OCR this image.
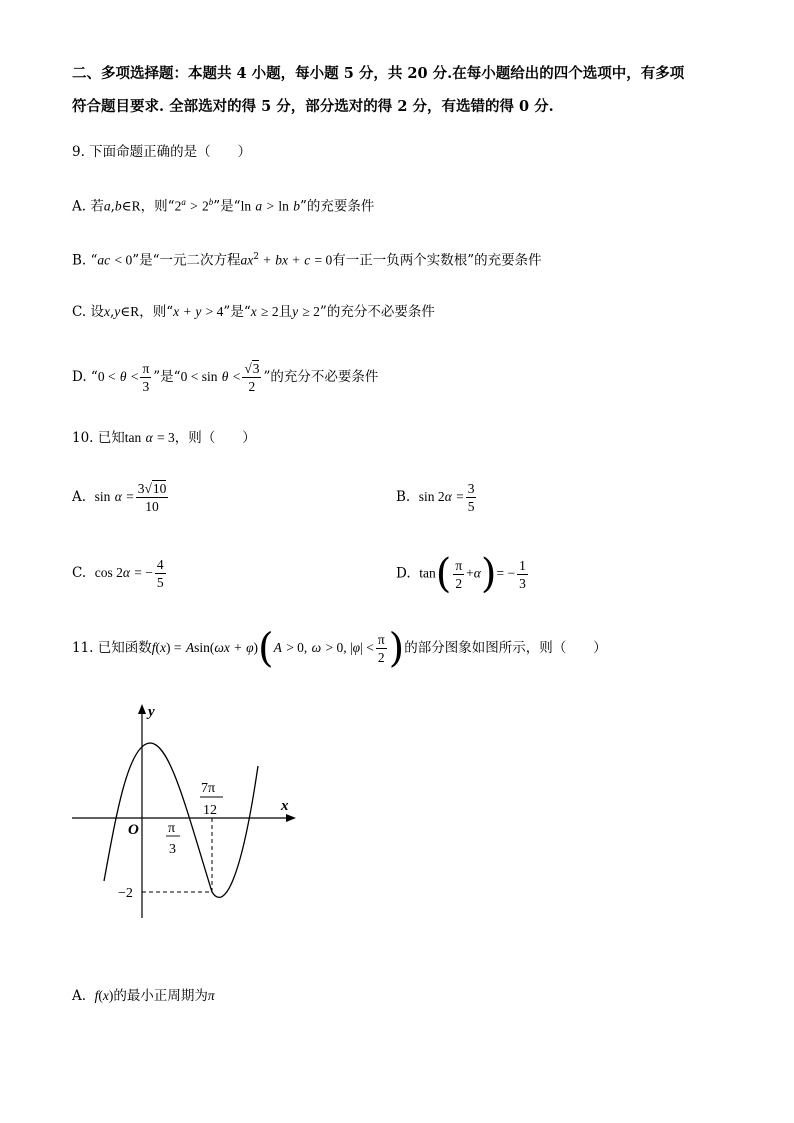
二、多项选择题：本题共 4 小题，每小题 5 分，共 20 分.在每小题给出的四个选项中，有多项
符合题目要求. 全部选对的得 5 分，部分选对的得 2 分，有选错的得 0 分.
9. 下面命题正确的是（　　）
A. 若a,b∈R，则“$2^a > 2^b$”是“ln a > ln b”的充要条件
B. “ac < 0”是“一元二次方程$ax^2$ + bx + c = 0有一正一负两个实数根”的充要条件
C. 设x,y∈R，则“x + y > 4”是“x ≥ 2且y ≥ 2”的充分不必要条件
D. “$0 < \theta < \frac{\pi}{3}$ ”是“$0 < \sin \theta < \frac{√3}{2}$ ”的充分不必要条件
10. 已知tan α = 3，则（　　）
A.  $\sin \alpha = \frac{3√10}{10}$	B.  $\sin 2\alpha = \frac{3}{5}$
C.  cos 2α = − $\frac{4}{5}$	D.  $\tan( \frac{\pi}{2} +\alpha)= - \frac{1}{3}$
11. 已知函数f(x) = Asin(ωx + φ)(A > 0, ω > 0, $|\varphi| < \frac{\pi}{2}$ )的部分图象如图所示，则（　　）
y
x
O π
3
7π
12
−2
A.  f(x)的最小正周期为π
